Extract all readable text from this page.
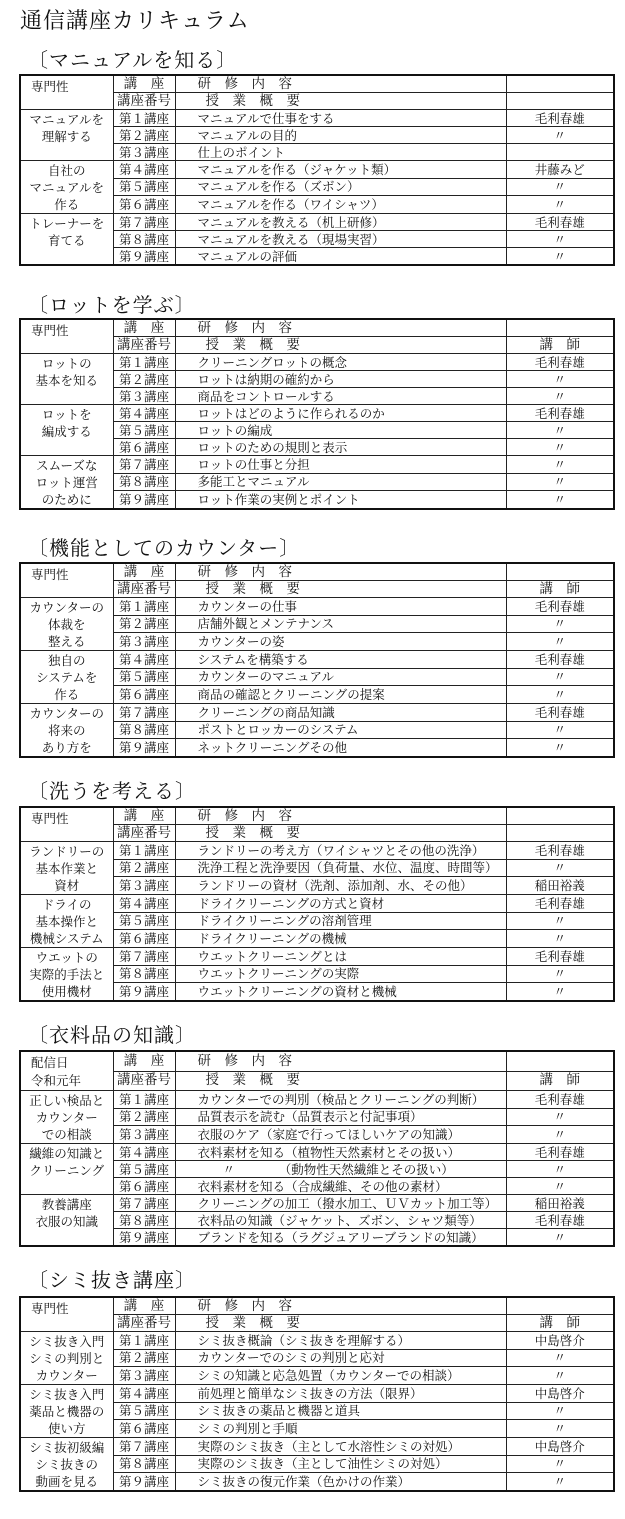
通信講座カリキュラム
〔マニュアルを知る〕
専門性	講　座	研　修　内　容	
	講座番号	授　業　概　要	
マニュアルを
理解する	第１講座	マニュアルで仕事をする	毛利春雄
	第２講座	マニュアルの目的	〃
	第３講座	仕上のポイント	
自社の
マニュアルを
作る	第４講座	マニュアルを作る（ジャケット類）	井藤みど
	第５講座	マニュアルを作る（ズボン）	〃
	第６講座	マニュアルを作る（ワイシャツ）	〃
トレーナーを
育てる	第７講座	マニュアルを教える（机上研修）	毛利春雄
	第８講座	マニュアルを教える（現場実習）	〃
	第９講座	マニュアルの評価	〃
〔ロットを学ぶ〕
専門性	講　座	研　修　内　容	
	講座番号	授　業　概　要	講　師
ロットの
基本を知る	第１講座	クリーニングロットの概念	毛利春雄
	第２講座	ロットは納期の確約から	〃
	第３講座	商品をコントロールする	〃
ロットを
編成する	第４講座	ロットはどのように作られるのか	毛利春雄
	第５講座	ロットの編成	〃
	第６講座	ロットのための規則と表示	〃
スムーズな
ロット運営
のために	第７講座	ロットの仕事と分担	〃
	第８講座	多能工とマニュアル	〃
	第９講座	ロット作業の実例とポイント	〃
〔機能としてのカウンター〕
専門性	講　座	研　修　内　容	
	講座番号	授　業　概　要	講　師
カウンターの
体裁を
整える	第１講座	カウンターの仕事	毛利春雄
	第２講座	店舗外観とメンテナンス	〃
	第３講座	カウンターの姿	〃
独自の
システムを
作る	第４講座	システムを構築する	毛利春雄
	第５講座	カウンターのマニュアル	〃
	第６講座	商品の確認とクリーニングの提案	〃
カウンターの
将来の
あり方を	第７講座	クリーニングの商品知識	毛利春雄
	第８講座	ポストとロッカーのシステム	〃
	第９講座	ネットクリーニングその他	〃
〔洗うを考える〕
専門性	講　座	研　修　内　容	
	講座番号	授　業　概　要	
ランドリーの
基本作業と
資材	第１講座	ランドリーの考え方（ワイシャツとその他の洗浄）	毛利春雄
	第２講座	洗浄工程と洗浄要因（負荷量、水位、温度、時間等）	〃
	第３講座	ランドリーの資材（洗剤、添加剤、水、その他）	稲田裕義
ドライの
基本操作と
機械システム	第４講座	ドライクリーニングの方式と資材	毛利春雄
	第５講座	ドライクリーニングの溶剤管理	〃
	第６講座	ドライクリーニングの機械	〃
ウエットの
実際的手法と
使用機材	第７講座	ウエットクリーニングとは	毛利春雄
	第８講座	ウエットクリーニングの実際	〃
	第９講座	ウエットクリーニングの資材と機械	〃
〔衣料品の知識〕
配信日
令和元年	講　座	研　修　内　容	
	講座番号	授　業　概　要	講　師
正しい検品と
カウンター
での相談	第１講座	カウンターでの判別（検品とクリーニングの判断）	毛利春雄
	第２講座	品質表示を読む（品質表示と付記事項）	〃
	第３講座	衣服のケア（家庭で行ってほしいケアの知識）	〃
繊維の知識と
クリーニング	第４講座	衣料素材を知る（植物性天然素材とその扱い）	毛利春雄
	第５講座	　　〃　　　　（動物性天然繊維とその扱い）	〃
	第６講座	衣料素材を知る（合成繊維、その他の素材）	〃
教養講座
衣服の知識	第７講座	クリーニングの加工（撥水加工、ＵＶカット加工等）	稲田裕義
	第８講座	衣料品の知識（ジャケット、ズボン、シャツ類等）	毛利春雄
	第９講座	ブランドを知る（ラグジュアリーブランドの知識）	〃
〔シミ抜き講座〕
専門性	講　座	研　修　内　容	
	講座番号	授　業　概　要	講　師
シミ抜き入門
シミの判別と
カウンター	第１講座	シミ抜き概論（シミ抜きを理解する）	中島啓介
	第２講座	カウンターでのシミの判別と応対	〃
	第３講座	シミの知識と応急処置（カウンターでの相談）	〃
シミ抜き入門
薬品と機器の
使い方	第４講座	前処理と簡単なシミ抜きの方法（限界）	中島啓介
	第５講座	シミ抜きの薬品と機器と道具	〃
	第６講座	シミの判別と手順	〃
シミ抜初級編
シミ抜きの
動画を見る	第７講座	実際のシミ抜き（主として水溶性シミの対処）	中島啓介
	第８講座	実際のシミ抜き（主として油性シミの対処）	〃
	第９講座	シミ抜きの復元作業（色かけの作業）	〃
